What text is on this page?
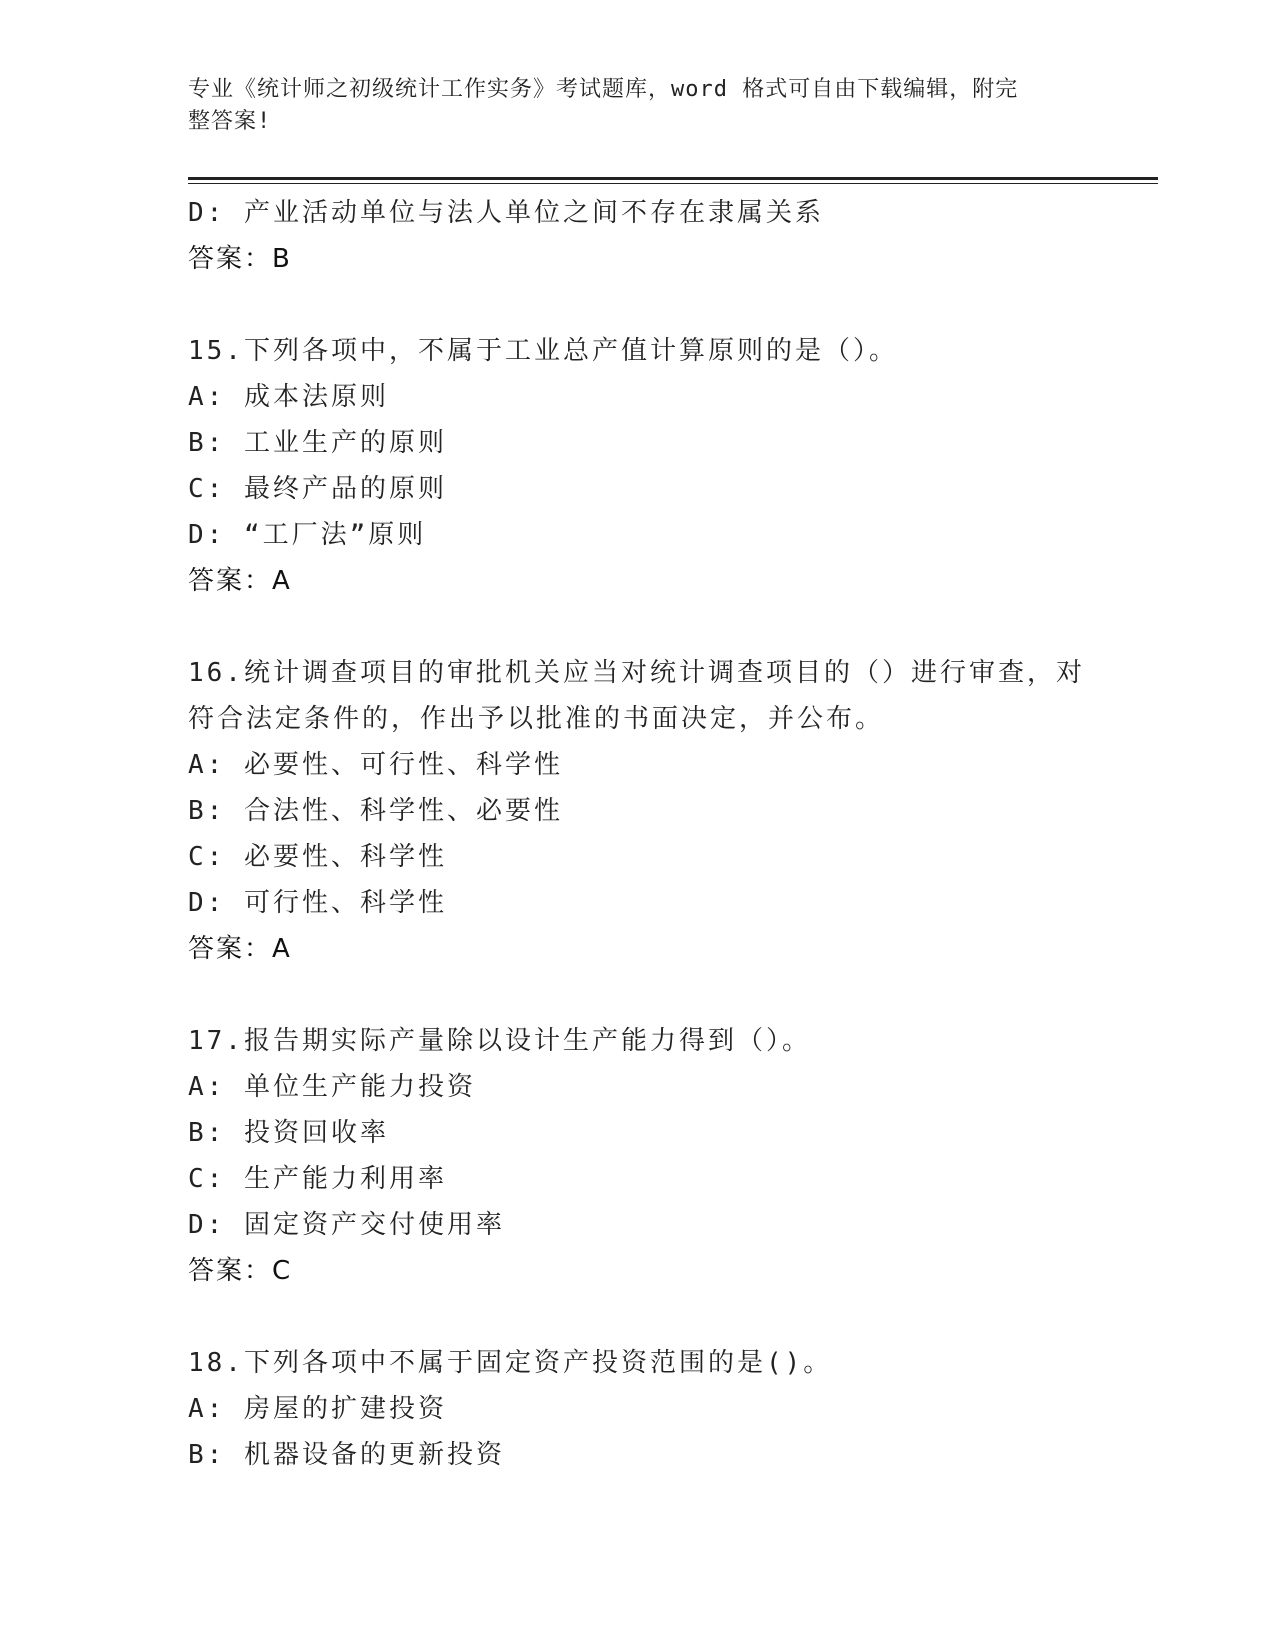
专业《统计师之初级统计工作实务》考试题库，word 格式可自由下载编辑，附完
整答案!
D: 产业活动单位与法人单位之间不存在隶属关系
答案：B
15.下列各项中，不属于工业总产值计算原则的是（）。
A: 成本法原则
B: 工业生产的原则
C: 最终产品的原则
D: “工厂法”原则
答案：A
16.统计调查项目的审批机关应当对统计调查项目的（）进行审查，对
符合法定条件的，作出予以批准的书面决定，并公布。
A: 必要性、可行性、科学性
B: 合法性、科学性、必要性
C: 必要性、科学性
D: 可行性、科学性
答案：A
17.报告期实际产量除以设计生产能力得到（）。
A: 单位生产能力投资
B: 投资回收率
C: 生产能力利用率
D: 固定资产交付使用率
答案：C
18.下列各项中不属于固定资产投资范围的是()。
A: 房屋的扩建投资
B: 机器设备的更新投资
